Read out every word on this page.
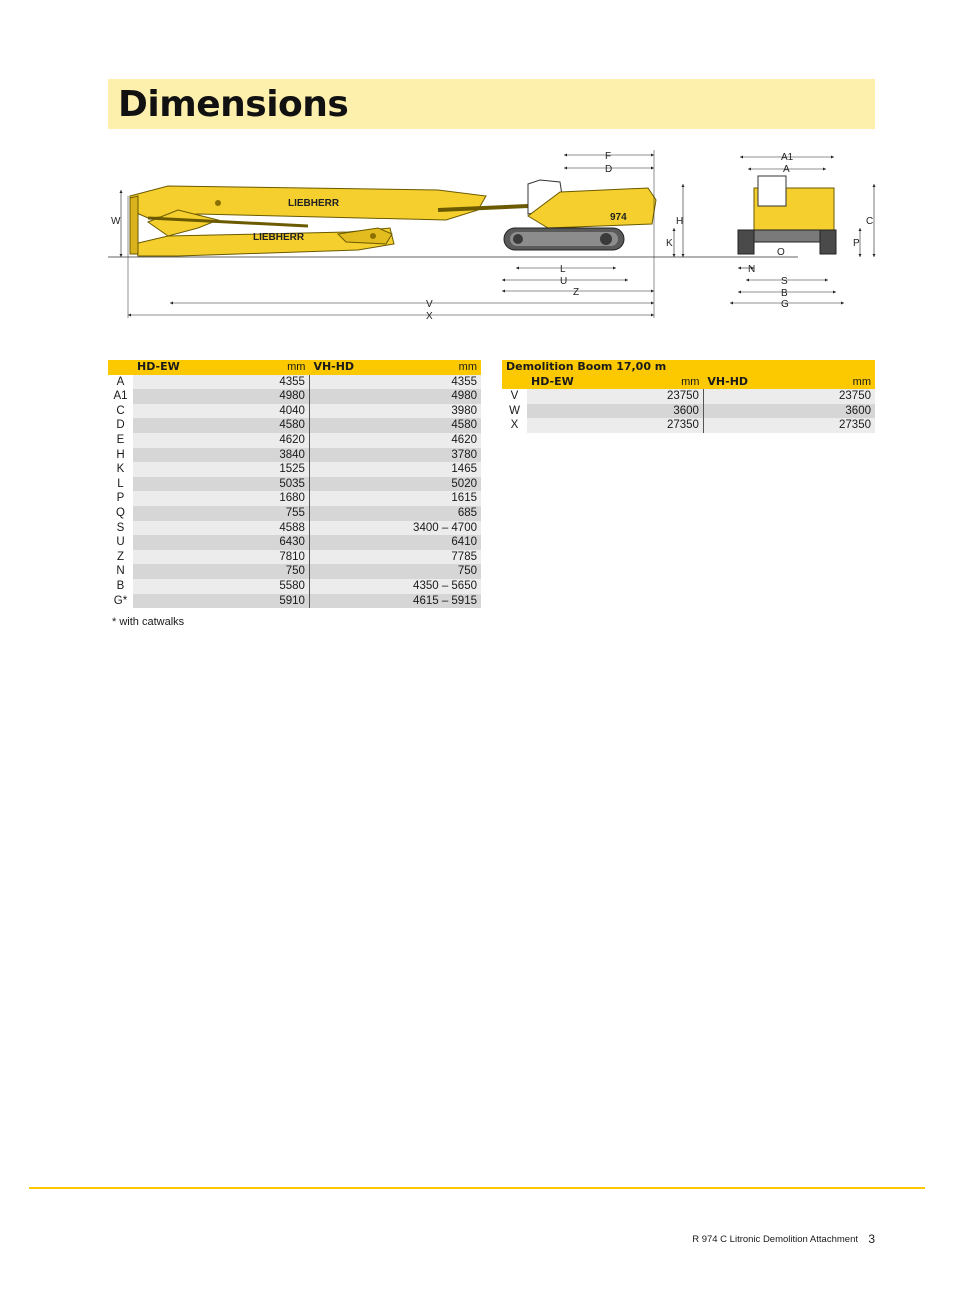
Dimensions
LIEBHERR
LIEBHERR
974
F
D
H
K
W
L
U
Z
V
X
A1
A
C
P
N
O
S
B
G
	HD-EW	mm	VH-HD	mm
A	4355		4355	
A1	4980		4980	
C	4040		3980	
D	4580		4580	
E	4620		4620	
H	3840		3780	
K	1525		1465	
L	5035		5020	
P	1680		1615	
Q	755		685	
S	4588		3400 – 4700	
U	6430		6410	
Z	7810		7785	
N	750		750	
B	5580		4350 – 5650	
G*	5910		4615 – 5915	
* with catwalks
Demolition Boom 17,00 m				
	HD-EW	mm	VH-HD	mm
V	23750		23750	
W	3600		3600	
X	27350		27350	
R 974 C Litronic Demolition Attachment 3
